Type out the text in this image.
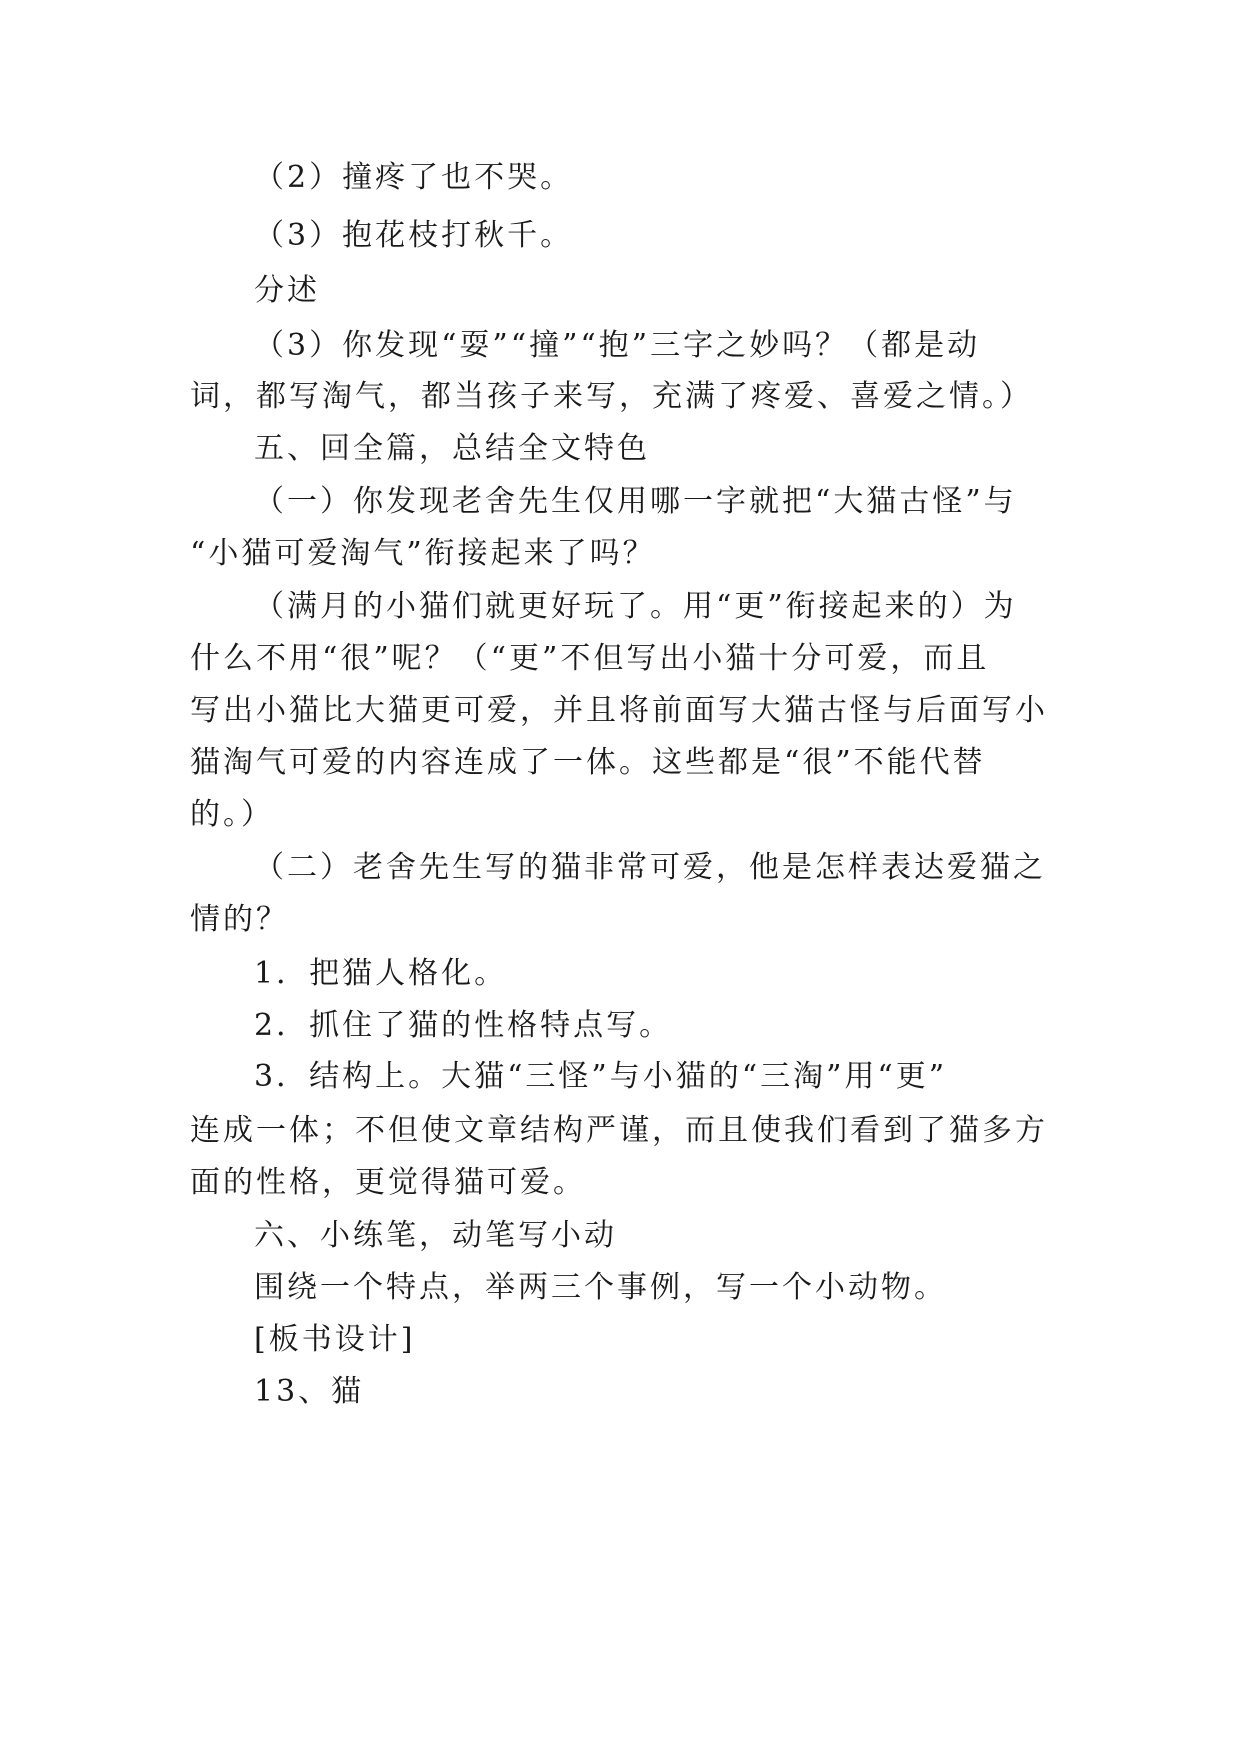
（2）撞疼了也不哭。
（3）抱花枝打秋千。
分述
（3）你发现“耍”“撞”“抱”三字之妙吗？（都是动
词，都写淘气，都当孩子来写，充满了疼爱、喜爱之情。）
五、回全篇，总结全文特色
（一）你发现老舍先生仅用哪一字就把“大猫古怪”与
“小猫可爱淘气”衔接起来了吗？
（满月的小猫们就更好玩了。用“更”衔接起来的）为
什么不用“很”呢？（“更”不但写出小猫十分可爱，而且
写出小猫比大猫更可爱，并且将前面写大猫古怪与后面写小
猫淘气可爱的内容连成了一体。这些都是“很”不能代替
的。）
（二）老舍先生写的猫非常可爱，他是怎样表达爱猫之
情的？
1．把猫人格化。
2．抓住了猫的性格特点写。
3．结构上。大猫“三怪”与小猫的“三淘”用“更”
连成一体；不但使文章结构严谨，而且使我们看到了猫多方
面的性格，更觉得猫可爱。
六、小练笔，动笔写小动
围绕一个特点，举两三个事例，写一个小动物。
[板书设计]
13、猫
